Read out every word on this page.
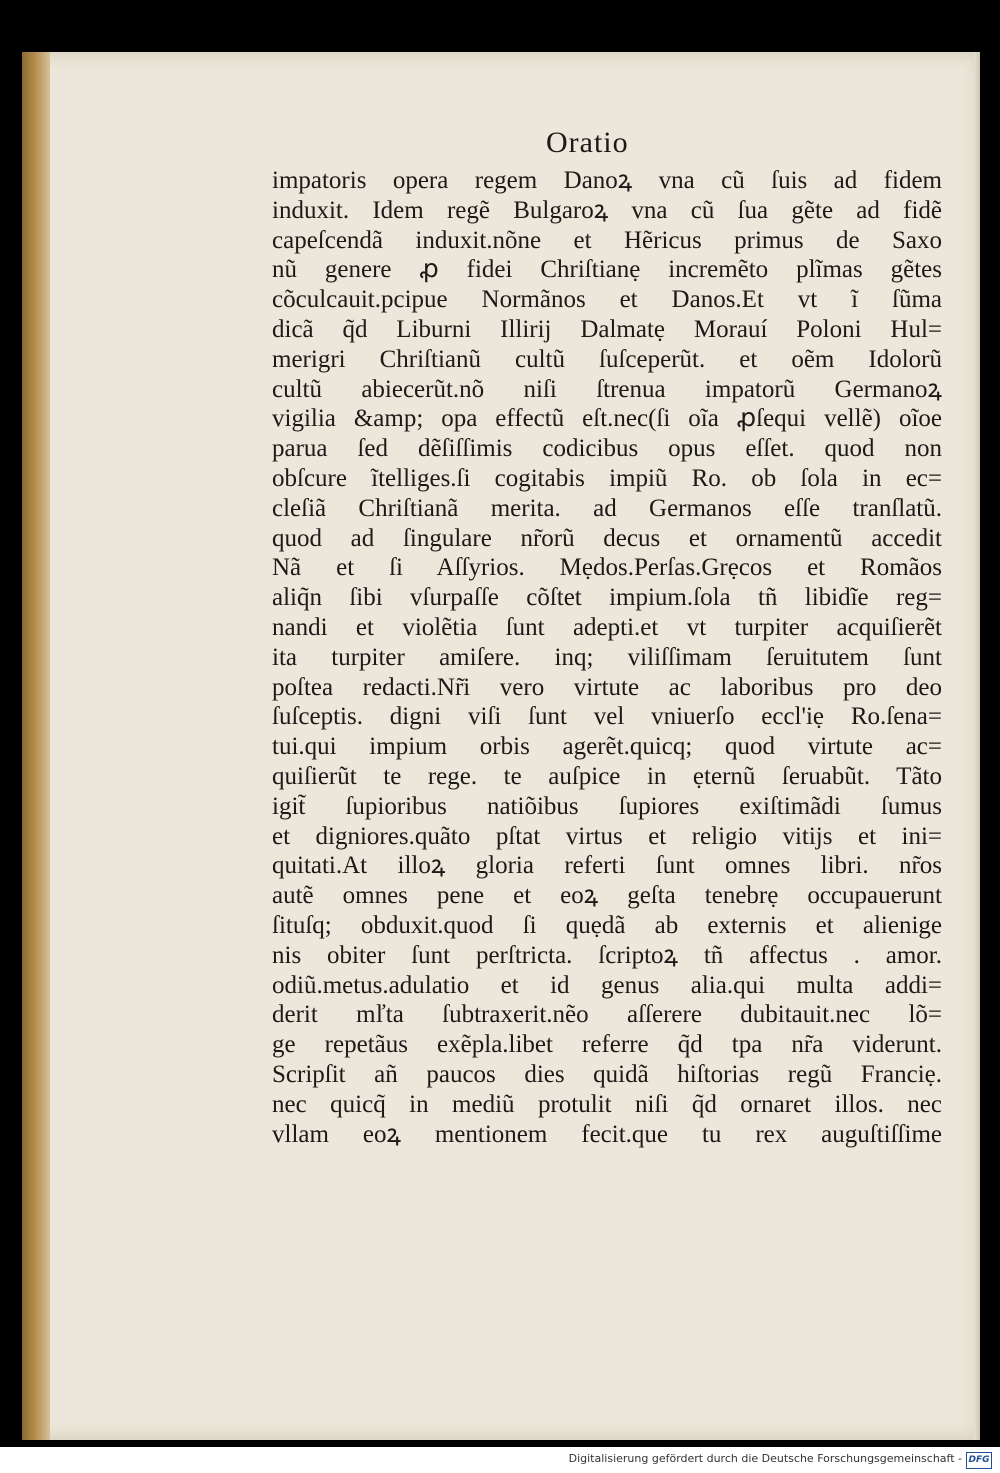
Oratio
impatoris opera regem Danoꝝ vna cũ ſuis ad fidem
induxit. Idem regẽ Bulgaroꝝ vna cũ ſua gẽte ad fidẽ
capeſcendã induxit.nõne et Hẽricus primus de Saxo
nũ genere ꝓ fidei Chriſtianẹ incremẽto plĩmas gẽtes
cõculcauit.pcipue Normãnos et Danos.Et vt ĩ ſũma
dicã q̃d Liburni Illirij Dalmatẹ Morauí Poloni Hul=
merigri Chriſtianũ cultũ ſuſceperũt. et oẽm Idolorũ
cultũ abiecerũt.nõ niſi ſtrenua impatorũ Germanoꝝ
vigilia &amp; opa effectũ eſt.nec(ſi oĩa ꝓſequi vellẽ) oĩoe
parua ſed dẽſiſſimis codicibus opus eſſet. quod non
obſcure ĩtelliges.ſi cogitabis impiũ Ro. ob ſola in ec=
cleſiã Chriſtianã merita. ad Germanos eſſe tranſlatũ.
quod ad ſingulare nr̃orũ decus et ornamentũ accedit
Nã et ſi Aſſyrios. Mẹdos.Perſas.Grẹcos et Romãos
aliq̃n ſibi vſurpaſſe cõſtet impium.ſola tñ libidĩe reg=
nandi et violẽtia ſunt adepti.et vt turpiter acquiſierẽt
ita turpiter amiſere. inq; viliſſimam ſeruitutem ſunt
poſtea redacti.Nr̃i vero virtute ac laboribus pro deo
ſuſceptis. digni viſi ſunt vel vniuerſo eccl'iẹ Ro.ſena=
tui.qui impium orbis agerẽt.quicq; quod virtute ac=
quiſierũt te rege. te auſpice in ẹternũ ſeruabũt. Tãto
igit̃ ſupioribus natiõibus ſupiores exiſtimãdi ſumus
et digniores.quãto pſtat virtus et religio vitijs et ini=
quitati.At illoꝝ gloria referti ſunt omnes libri. nr̃os
autẽ omnes pene et eoꝝ geſta tenebrẹ occupauerunt
ſituſq; obduxit.quod ſi quẹdã ab externis et alienige
nis obiter ſunt perſtricta. ſcriptoꝝ tñ affectus . amor.
odiũ.metus.adulatio et id genus alia.qui multa addi=
derit mľta ſubtraxerit.nẽo aſſerere dubitauit.nec lõ=
ge repetãus exẽpla.libet referre q̃d tpa nr̃a viderunt.
Scripſit añ paucos dies quidã hiſtorias regũ Franciẹ.
nec quicq̃ in mediũ protulit niſi q̃d ornaret illos. nec
vllam eoꝝ mentionem fecit.que tu rex auguſtiſſime
Digitalisierung gefördert durch die Deutsche Forschungsgemeinschaft - DFG
